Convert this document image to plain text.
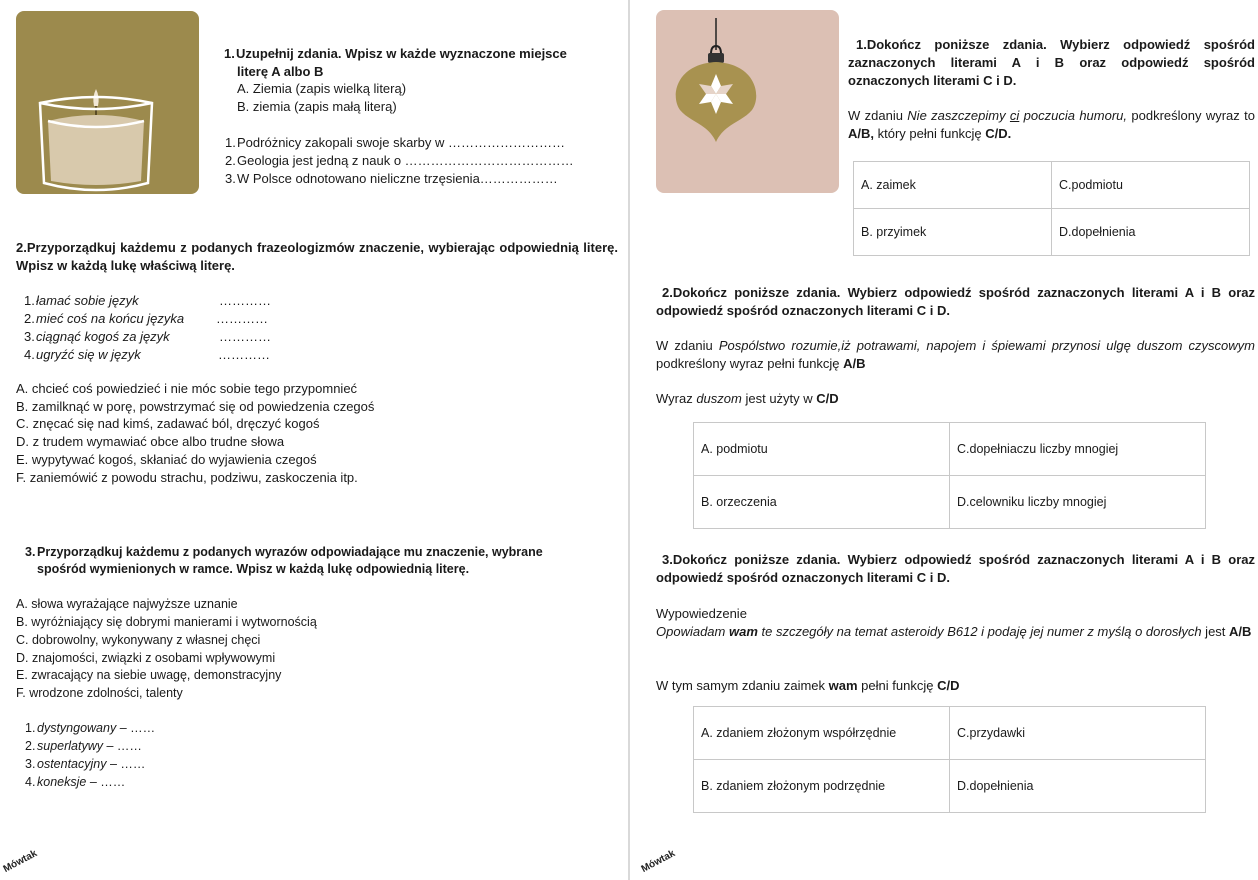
1.Uzupełnij zdania. Wpisz w każde wyznaczone miejsce
literę A albo B
A. Ziemia (zapis wielką literą)
B. ziemia (zapis małą literą)
1.Podróżnicy zakopali swoje skarby w ………………………
2.Geologia jest jedną z nauk o …………………………………
3.W Polsce odnotowano nieliczne trzęsienia………………
2.Przyporządkuj każdemu z podanych frazeologizmów znaczenie, wybierając odpowiednią literę. Wpisz w każdą lukę właściwą literę.
1.łamać sobie język	…………
2.mieć coś na końcu języka …………
3.ciągnąć kogoś za język	…………
4.ugryźć się w język	…………
A. chcieć coś powiedzieć i nie móc sobie tego przypomnieć
B. zamilknąć w porę, powstrzymać się od powiedzenia czegoś
C. znęcać się nad kimś, zadawać ból, dręczyć kogoś
D. z trudem wymawiać obce albo trudne słowa
E. wypytywać kogoś, skłaniać do wyjawienia czegoś
F. zaniemówić z powodu strachu, podziwu, zaskoczenia itp.
3. Przyporządkuj każdemu z podanych wyrazów odpowiadające mu znaczenie, wybrane
spośród wymienionych w ramce. Wpisz w każdą lukę odpowiednią literę.
A. słowa wyrażające najwyższe uznanie
B. wyróżniający się dobrymi manierami i wytwornością
C. dobrowolny, wykonywany z własnej chęci
D. znajomości, związki z osobami wpływowymi
E. zwracający na siebie uwagę, demonstracyjny
F. wrodzone zdolności, talenty
1. dystyngowany – ……
2. superlatywy – ……
3. ostentacyjny – ……
4. koneksje – ……
Mówtak
1.Dokończ poniższe zdania. Wybierz odpowiedź spośród zaznaczonych literami A i B oraz odpowiedź spośród oznaczonych literami C i D.
W zdaniu Nie zaszczepimy ci poczucia humoru, podkreślony wyraz to A/B, który pełni funkcję C/D.
A. zaimek	C.podmiotu
B. przyimek	D.dopełnienia
2.Dokończ poniższe zdania. Wybierz odpowiedź spośród zaznaczonych literami A i B oraz odpowiedź spośród oznaczonych literami C i D.
W zdaniu Pospólstwo rozumie,iż potrawami, napojem i śpiewami przynosi ulgę duszom czyscowym podkreślony wyraz pełni funkcję A/B
Wyraz duszom jest użyty w C/D
A. podmiotu	C.dopełniaczu liczby mnogiej
B. orzeczenia	D.celowniku liczby mnogiej
3.Dokończ poniższe zdania. Wybierz odpowiedź spośród zaznaczonych literami A i B oraz odpowiedź spośród oznaczonych literami C i D.
Wypowiedzenie
Opowiadam wam te szczegóły na temat asteroidy B612 i podaję jej numer z myślą o dorosłych jest A/B
W tym samym zdaniu zaimek wam pełni funkcję C/D
A. zdaniem złożonym współrzędnie	C.przydawki
B. zdaniem złożonym podrzędnie	D.dopełnienia
Mówtak
